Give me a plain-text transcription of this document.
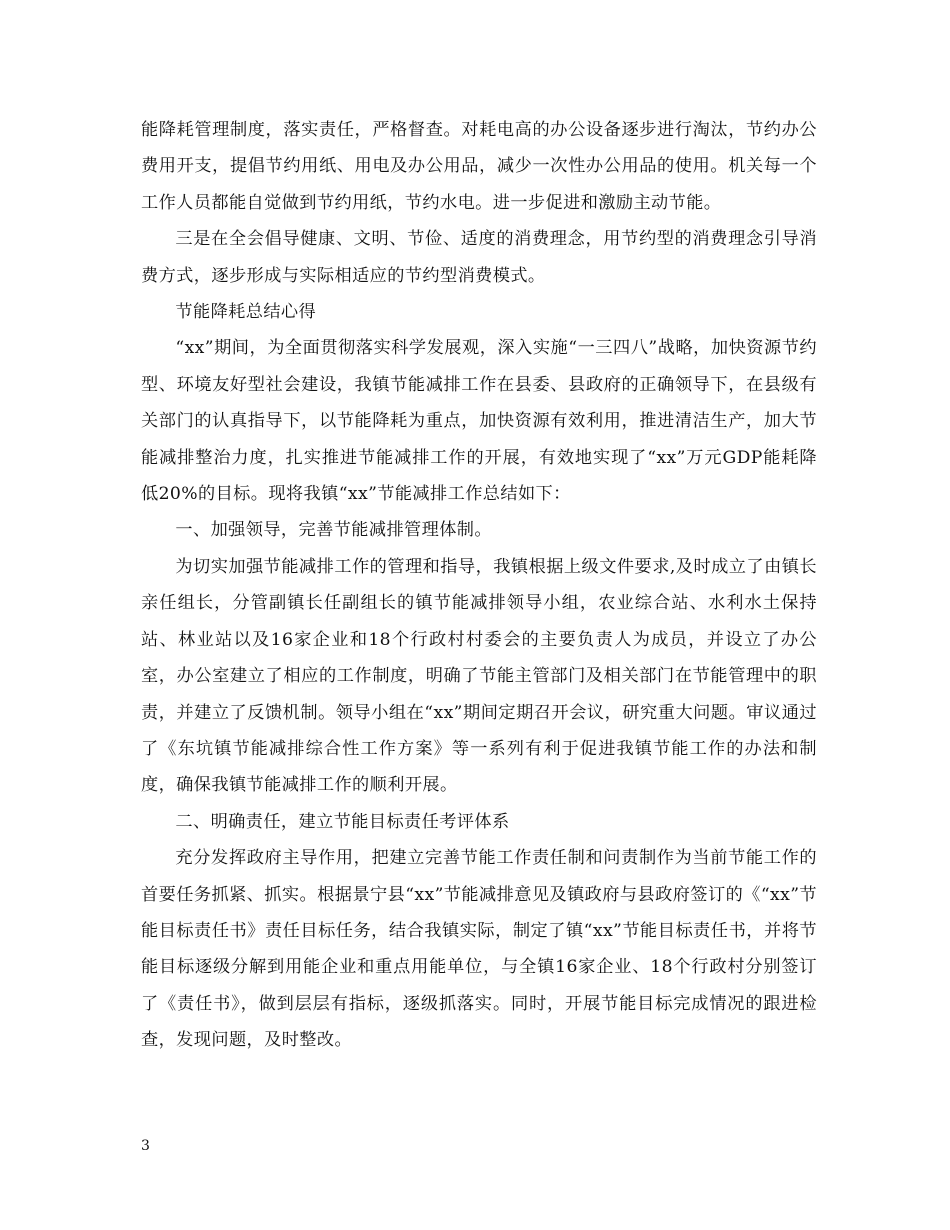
能降耗管理制度，落实责任，严格督查。对耗电高的办公设备逐步进行淘汰，节约办公费用开支，提倡节约用纸、用电及办公用品，减少一次性办公用品的使用。机关每一个工作人员都能自觉做到节约用纸，节约水电。进一步促进和激励主动节能。

三是在全会倡导健康、文明、节俭、适度的消费理念，用节约型的消费理念引导消费方式，逐步形成与实际相适应的节约型消费模式。

节能降耗总结心得

“xx”期间，为全面贯彻落实科学发展观，深入实施“一三四八”战略，加快资源节约型、环境友好型社会建设，我镇节能减排工作在县委、县政府的正确领导下，在县级有关部门的认真指导下，以节能降耗为重点，加快资源有效利用，推进清洁生产，加大节能减排整治力度，扎实推进节能减排工作的开展，有效地实现了“xx”万元GDP能耗降低20%的目标。现将我镇“xx”节能减排工作总结如下：

一、加强领导，完善节能减排管理体制。

为切实加强节能减排工作的管理和指导，我镇根据上级文件要求,及时成立了由镇长亲任组长，分管副镇长任副组长的镇节能减排领导小组，农业综合站、水利水土保持站、林业站以及16家企业和18个行政村村委会的主要负责人为成员，并设立了办公室，办公室建立了相应的工作制度，明确了节能主管部门及相关部门在节能管理中的职责，并建立了反馈机制。领导小组在“xx”期间定期召开会议，研究重大问题。审议通过了《东坑镇节能减排综合性工作方案》等一系列有利于促进我镇节能工作的办法和制度，确保我镇节能减排工作的顺利开展。

二、明确责任，建立节能目标责任考评体系

充分发挥政府主导作用，把建立完善节能工作责任制和问责制作为当前节能工作的首要任务抓紧、抓实。根据景宁县“xx”节能减排意见及镇政府与县政府签订的《“xx”节能目标责任书》责任目标任务，结合我镇实际，制定了镇“xx”节能目标责任书，并将节能目标逐级分解到用能企业和重点用能单位，与全镇16家企业、18个行政村分别签订了《责任书》，做到层层有指标，逐级抓落实。同时，开展节能目标完成情况的跟进检查，发现问题，及时整改。

3
